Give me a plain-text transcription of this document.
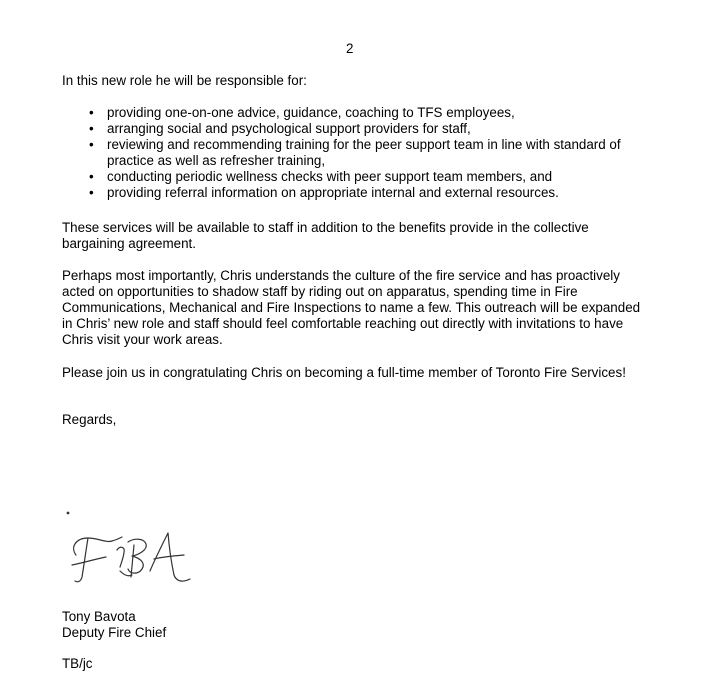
2

In this new role he will be responsible for:

• providing one-on-one advice, guidance, coaching to TFS employees,
• arranging social and psychological support providers for staff,
• reviewing and recommending training for the peer support team in line with standard of practice as well as refresher training,
• conducting periodic wellness checks with peer support team members, and
• providing referral information on appropriate internal and external resources.

These services will be available to staff in addition to the benefits provide in the collective bargaining agreement.

Perhaps most importantly, Chris understands the culture of the fire service and has proactively acted on opportunities to shadow staff by riding out on apparatus, spending time in Fire Communications, Mechanical and Fire Inspections to name a few. This outreach will be expanded in Chris’ new role and staff should feel comfortable reaching out directly with invitations to have Chris visit your work areas.

Please join us in congratulating Chris on becoming a full-time member of Toronto Fire Services!

Regards,

Tony Bavota

Deputy Fire Chief

TB/jc
